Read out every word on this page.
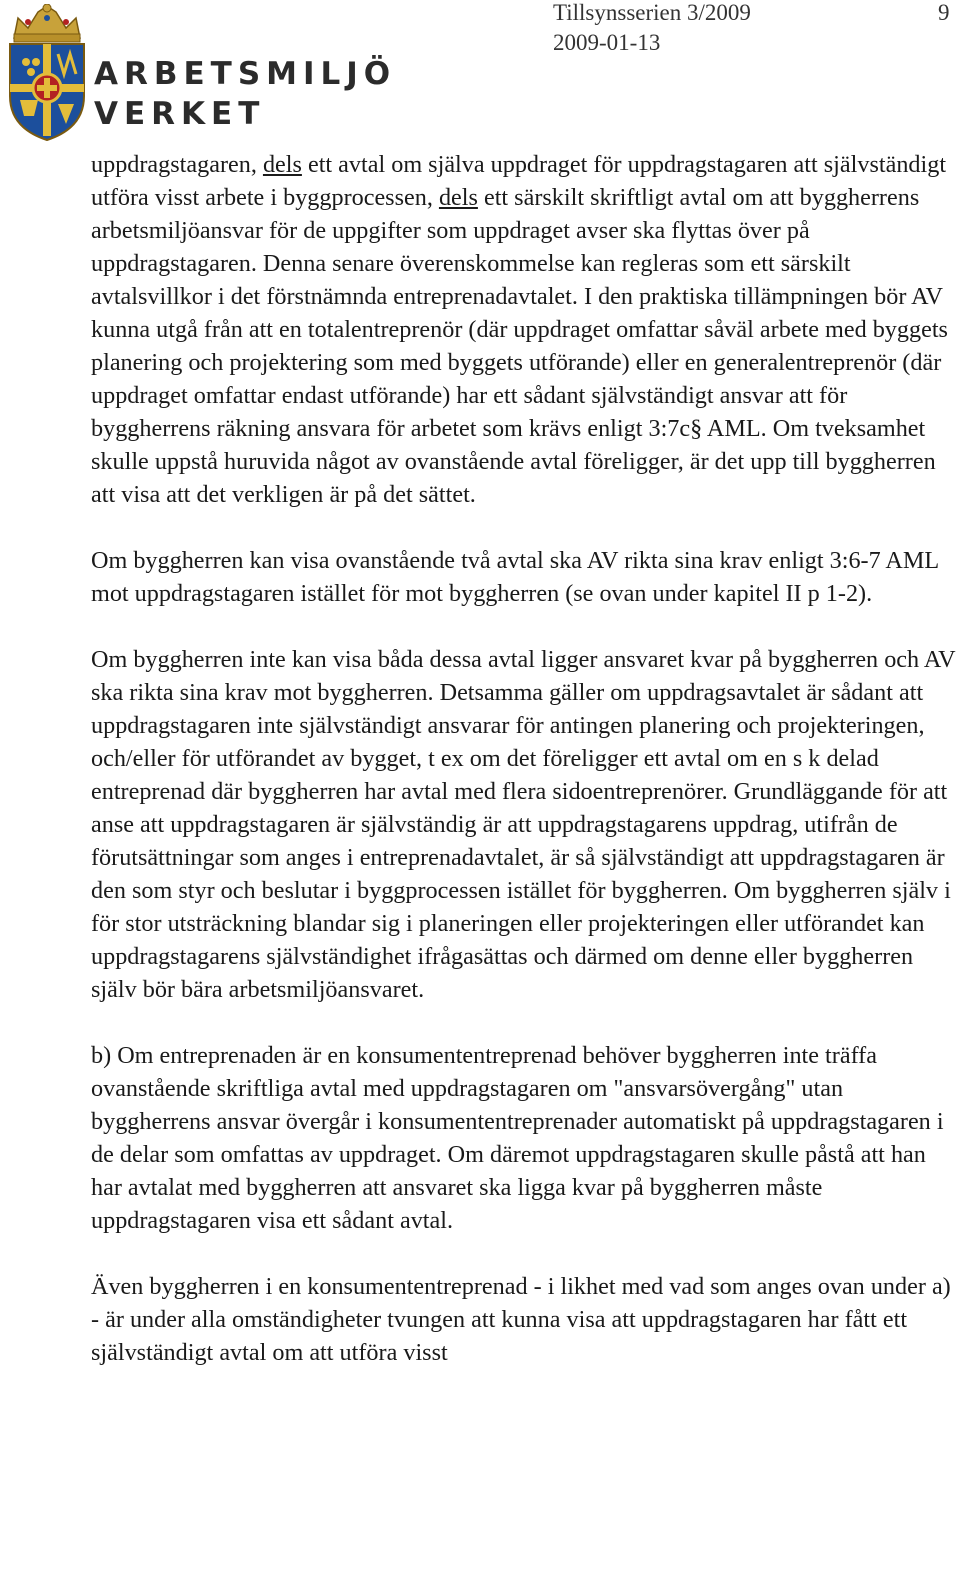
ARBETSMILJÖ
VERKET
Tillsynsserien 3/2009
2009-01-13
9

uppdragstagaren, dels ett avtal om själva uppdraget för uppdragstagaren att självständigt utföra visst arbete i byggprocessen, dels ett särskilt skriftligt avtal om att byggherrens arbetsmiljöansvar för de uppgifter som uppdraget avser ska flyttas över på uppdragstagaren. Denna senare överenskommelse kan regleras som ett särskilt avtalsvillkor i det förstnämnda entreprenadavtalet. I den praktiska tillämpningen bör AV kunna utgå från att en totalentreprenör (där uppdraget omfattar såväl arbete med byggets planering och projektering som med byggets utförande) eller en generalentreprenör (där uppdraget omfattar endast utförande) har ett sådant självständigt ansvar att för byggherrens räkning ansvara för arbetet som krävs enligt 3:7c§ AML. Om tveksamhet skulle uppstå huruvida något av ovanstående avtal föreligger, är det upp till byggherren att visa att det verkligen är på det sättet.

Om byggherren kan visa ovanstående två avtal ska AV rikta sina krav enligt 3:6-7 AML mot uppdragstagaren istället för mot byggherren (se ovan under kapitel II p 1-2).

Om byggherren inte kan visa båda dessa avtal ligger ansvaret kvar på byggherren och AV ska rikta sina krav mot byggherren. Detsamma gäller om uppdragsavtalet är sådant att uppdragstagaren inte självständigt ansvarar för antingen planering och projekteringen, och/eller för utförandet av bygget, t ex om det föreligger ett avtal om en s k delad entreprenad där byggherren har avtal med flera sidoentreprenörer. Grundläggande för att anse att uppdragstagaren är självständig är att uppdragstagarens uppdrag, utifrån de förutsättningar som anges i entreprenadavtalet, är så självständigt att uppdragstagaren är den som styr och beslutar i byggprocessen istället för byggherren. Om byggherren själv i för stor utsträckning blandar sig i planeringen eller projekteringen eller utförandet kan uppdragstagarens självständighet ifrågasättas och därmed om denne eller byggherren själv bör bära arbetsmiljöansvaret.

b) Om entreprenaden är en konsumententreprenad behöver byggherren inte träffa ovanstående skriftliga avtal med uppdragstagaren om "ansvarsövergång" utan byggherrens ansvar övergår i konsumententreprenader automatiskt på uppdragstagaren i de delar som omfattas av uppdraget. Om däremot uppdragstagaren skulle påstå att han har avtalat med byggherren att ansvaret ska ligga kvar på byggherren måste uppdragstagaren visa ett sådant avtal.

Även byggherren i en konsumententreprenad - i likhet med vad som anges ovan under a) - är under alla omständigheter tvungen att kunna visa att uppdragstagaren har fått ett självständigt avtal om att utföra visst
